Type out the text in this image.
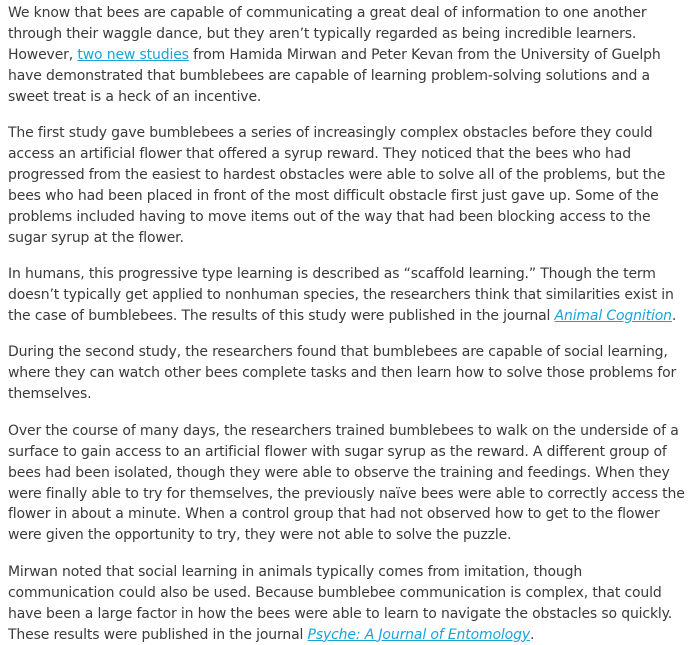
We know that bees are capable of communicating a great deal of information to one another through their waggle dance, but they aren’t typically regarded as being incredible learners. However, two new studies from Hamida Mirwan and Peter Kevan from the University of Guelph have demonstrated that bumblebees are capable of learning problem-solving solutions and a sweet treat is a heck of an incentive.

The first study gave bumblebees a series of increasingly complex obstacles before they could access an artificial flower that offered a syrup reward. They noticed that the bees who had progressed from the easiest to hardest obstacles were able to solve all of the problems, but the bees who had been placed in front of the most difficult obstacle first just gave up. Some of the problems included having to move items out of the way that had been blocking access to the sugar syrup at the flower.

In humans, this progressive type learning is described as “scaffold learning.” Though the term doesn’t typically get applied to nonhuman species, the researchers think that similarities exist in the case of bumblebees. The results of this study were published in the journal Animal Cognition.

During the second study, the researchers found that bumblebees are capable of social learning, where they can watch other bees complete tasks and then learn how to solve those problems for themselves.

Over the course of many days, the researchers trained bumblebees to walk on the underside of a surface to gain access to an artificial flower with sugar syrup as the reward. A different group of bees had been isolated, though they were able to observe the training and feedings. When they were finally able to try for themselves, the previously naïve bees were able to correctly access the flower in about a minute. When a control group that had not observed how to get to the flower were given the opportunity to try, they were not able to solve the puzzle.

Mirwan noted that social learning in animals typically comes from imitation, though communication could also be used. Because bumblebee communication is complex, that could have been a large factor in how the bees were able to learn to navigate the obstacles so quickly. These results were published in the journal Psyche: A Journal of Entomology.
